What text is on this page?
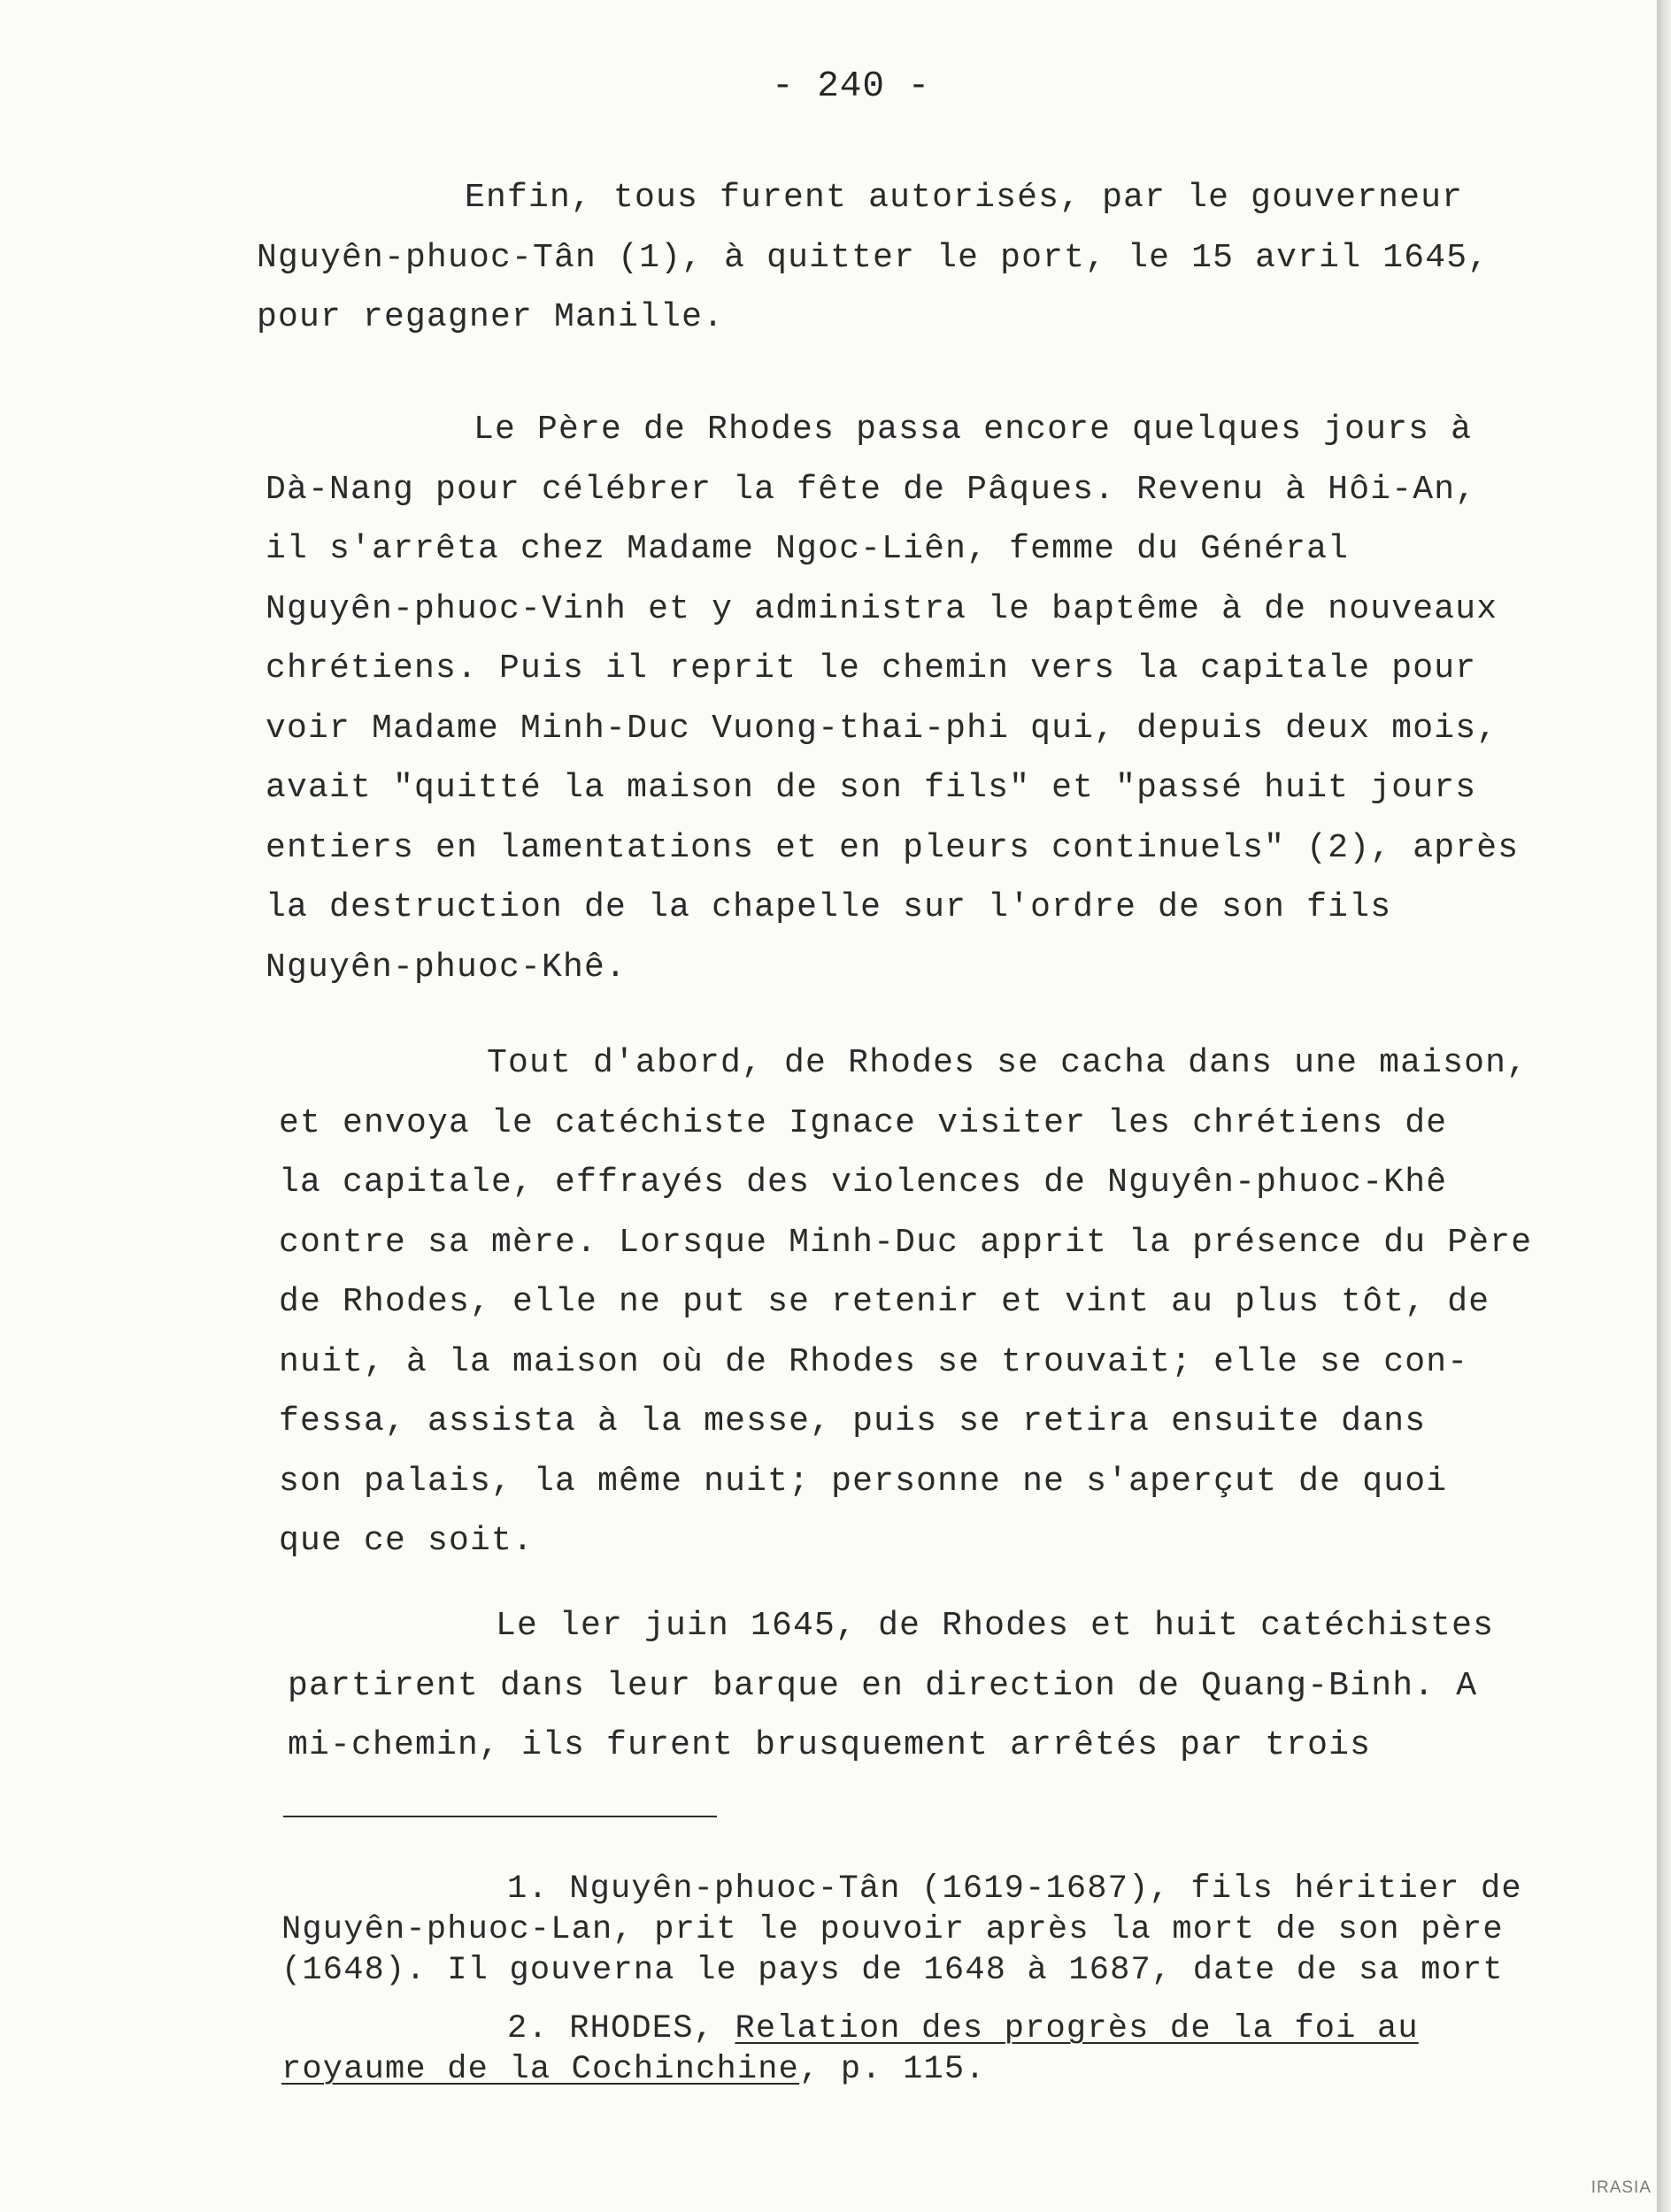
- 240 -

Enfin, tous furent autorisés, par le gouverneur
Nguyên-phuoc-Tân (1), à quitter le port, le 15 avril 1645,
pour regagner Manille.

Le Père de Rhodes passa encore quelques jours à
Dà-Nang pour célébrer la fête de Pâques. Revenu à Hôi-An,
il s'arrêta chez Madame Ngoc-Liên, femme du Général
Nguyên-phuoc-Vinh et y administra le baptême à de nouveaux
chrétiens. Puis il reprit le chemin vers la capitale pour
voir Madame Minh-Duc Vuong-thai-phi qui, depuis deux mois,
avait "quitté la maison de son fils" et "passé huit jours
entiers en lamentations et en pleurs continuels" (2), après
la destruction de la chapelle sur l'ordre de son fils
Nguyên-phuoc-Khê.

Tout d'abord, de Rhodes se cacha dans une maison,
et envoya le catéchiste Ignace visiter les chrétiens de
la capitale, effrayés des violences de Nguyên-phuoc-Khê
contre sa mère. Lorsque Minh-Duc apprit la présence du Père
de Rhodes, elle ne put se retenir et vint au plus tôt, de
nuit, à la maison où de Rhodes se trouvait; elle se con-
fessa, assista à la messe, puis se retira ensuite dans
son palais, la même nuit; personne ne s'aperçut de quoi
que ce soit.

Le ler juin 1645, de Rhodes et huit catéchistes
partirent dans leur barque en direction de Quang-Binh. A
mi-chemin, ils furent brusquement arrêtés par trois

1. Nguyên-phuoc-Tân (1619-1687), fils héritier de
Nguyên-phuoc-Lan, prit le pouvoir après la mort de son père
(1648). Il gouverna le pays de 1648 à 1687, date de sa mort

2. RHODES, Relation des progrès de la foi au
royaume de la Cochinchine, p. 115.

IRASIA
